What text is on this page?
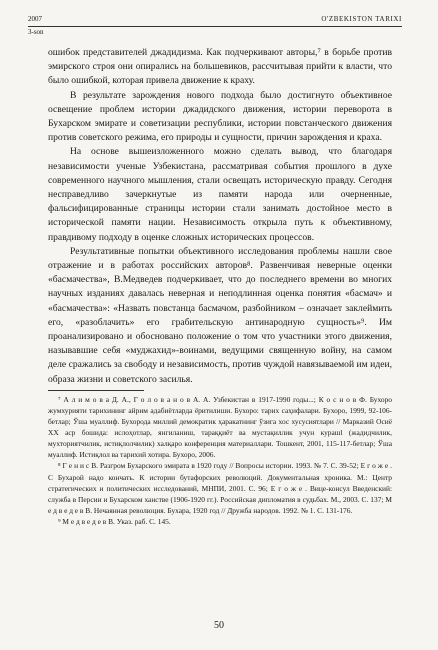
2007	O'ZBEKISTON TARIXI
3-son

ошибок представителей джадидизма. Как подчеркивают авторы,⁷ в борьбе против эмирского строя они опирались на большевиков, рассчитывая прийти к власти, что было ошибкой, которая привела движение к краху.

В результате зарождения нового подхода было достигнуто объективное освещение проблем истории джадидского движения, истории переворота в Бухарском эмирате и советизации республики, истории повстанческого движения против советского режима, его природы и сущности, причин зарождения и краха.

На основе вышеизложенного можно сделать вывод, что благодаря независимости ученые Узбекистана, рассматривая события прошлого в духе современного научного мышления, стали освещать историческую правду. Сегодня несправедливо зачеркнутые из памяти народа или очерненные, фальсифицированные страницы истории стали занимать достойное место в исторической памяти нации. Независимость открыла путь к объективному, правдивому подходу в оценке сложных исторических процессов.

Результативные попытки объективного исследования проблемы нашли свое отражение и в работах российских авторов⁸. Развенчивая неверные оценки «басмачества», В.Медведев подчеркивает, что до последнего времени во многих научных изданиях давалась неверная и неподлинная оценка понятия «басмач» и «басмачества»: «Назвать повстанца басмачом, разбойником – означает заклеймить его, «разоблачить» его грабительскую антинародную сущность»⁹. Им проанализировано и обосновано положение о том что участники этого движения, называвшие себя «муджахид»-воинами, ведущими священную войну, на самом деле сражались за свободу и независимость, против чуждой навязываемой им идеи, образа жизни и советского засилья.

⁷ А л и м о в а Д. А., Г о л о в а н о в А. А. Узбекистан в 1917-1990 годы...; К о с н о в Ф. Бухоро жумхурияти тарихининг айрим адабиётларда ёритилиши. Бухоро: тарих саҳифалари. Бухоро, 1999, 92-106-бетлар; Ўша муаллиф. Бухорода миллий демократик ҳаракатнинг ўзига хос хусусиятлари // Марказий Осиё XX аср бошида: ислоҳотлар, янгиланиш, тараққиёт ва мустақиллик учун курашl (жадидчилик, мухториятчилик, истиқлолчилик) халқаро конференция материаллари. Тошкент, 2001, 115-117-бетлар; Ўша муаллиф. Истиқлол ва тарихий хотира. Бухоро, 2006.

⁸ Г е н и с В. Разгром Бухарского эмирата в 1920 году // Вопросы истории. 1993. № 7. С. 39-52; Е г о ж е . С Бухарой надо кончать. К истории бутафорских революций. Документальная хроника. М.: Центр стратегических и политических исследований, МНПИ, 2001. С. 96; Е г о ж е . Вице-консул Введенский: служба в Персии и Бухарском ханстве (1906-1920 гг.). Российская дипломатия в судьбах. М., 2003. С. 137; М е д в е д е в В. Нечаянная революция. Бухара, 1920 год // Дружба народов. 1992. № 1. С. 131-176.

⁹ М е д в е д е в В. Указ. раб. С. 145.

50
